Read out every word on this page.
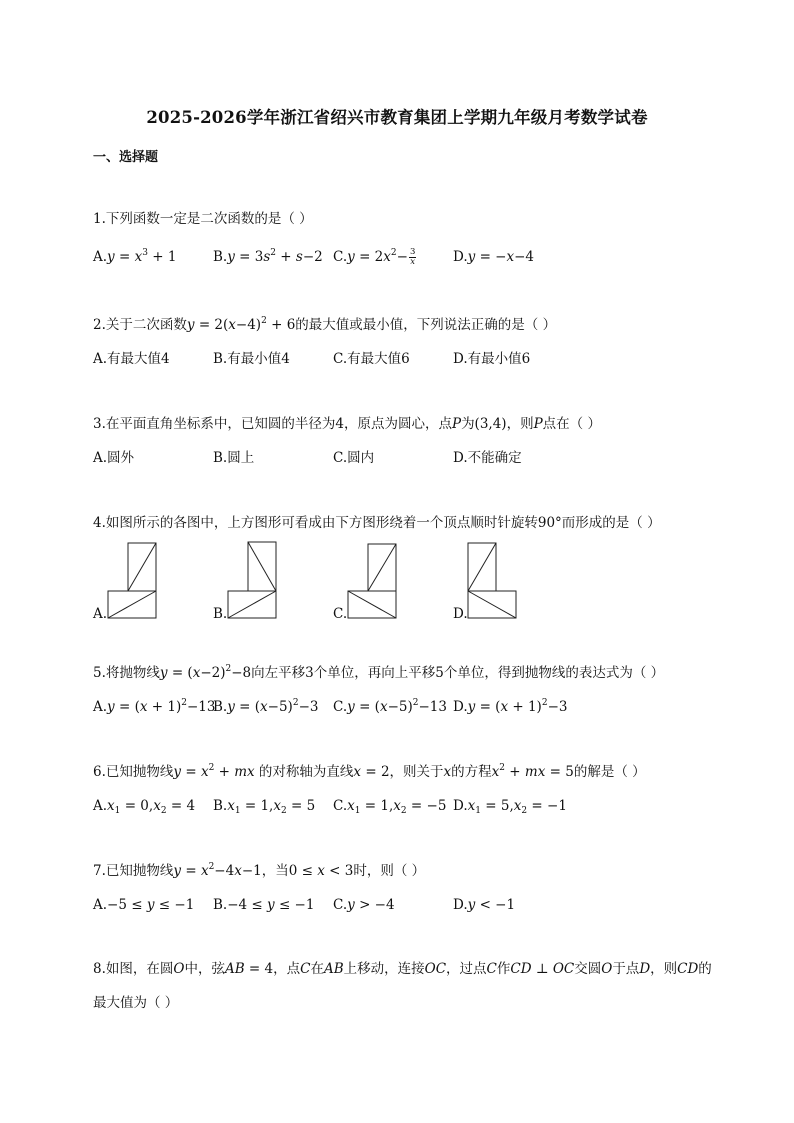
2025-2026学年浙江省绍兴市教育集团上学期九年级月考数学试卷
一、选择题
1.下列函数一定是二次函数的是（ ）
$A.y = x^3 + 1$	$B.y = 3s^2 + s-2$ $C.y = 2x^2- \frac{3}{x}$	D.y = −x−4
2.关于二次函数$y = 2(x-4)^2 + 6$的最大值或最小值，下列说法正确的是（ ）
A.有最大值4	B.有最小值4	C.有最大值6	D.有最小值6
3.在平面直角坐标系中，已知圆的半径为4，原点为圆心，点P为(3,4)，则P点在（ ）
A.圆外	B.圆上	C.圆内	D.不能确定
4.如图所示的各图中，上方图形可看成由下方图形绕着一个顶点顺时针旋转90°而形成的是（ ）
A.	B.	C.	D.
5.将抛物线$y = (x-2)^2-8$向左平移3个单位，再向上平移5个单位，得到抛物线的表达式为（ ）
$A.y = (x + 1)^2-13$
$B.y = (x-5)^2-3$ $C.y = (x-5)^2-13$ $D.y = (x + 1)^2-3$
6.已知抛物线$y = x^2$ + mx 的对称轴为直线x = 2，则关于x的方程$x^2$ + mx = 5的解是（ ）
$A.x_1 = 0,x_2 = 4$ $B.x_1 = 1,x_2 = 5$ $C.x_1 = 1,x_2 = -5$ $D.x_1 = 5,x_2 = -1$
7.已知抛物线$y = x^2-4x-1$，当0 ≤ x < 3时，则（ ）
A.−5 ≤ y ≤ −1 B.−4 ≤ y ≤ −1 C.y > −4	D.y < −1
8.如图，在圆O中，弦AB = 4，点C在AB上移动，连接OC，过点C作CD ⊥ OC交圆O于点D，则CD的
最大值为（ ）
